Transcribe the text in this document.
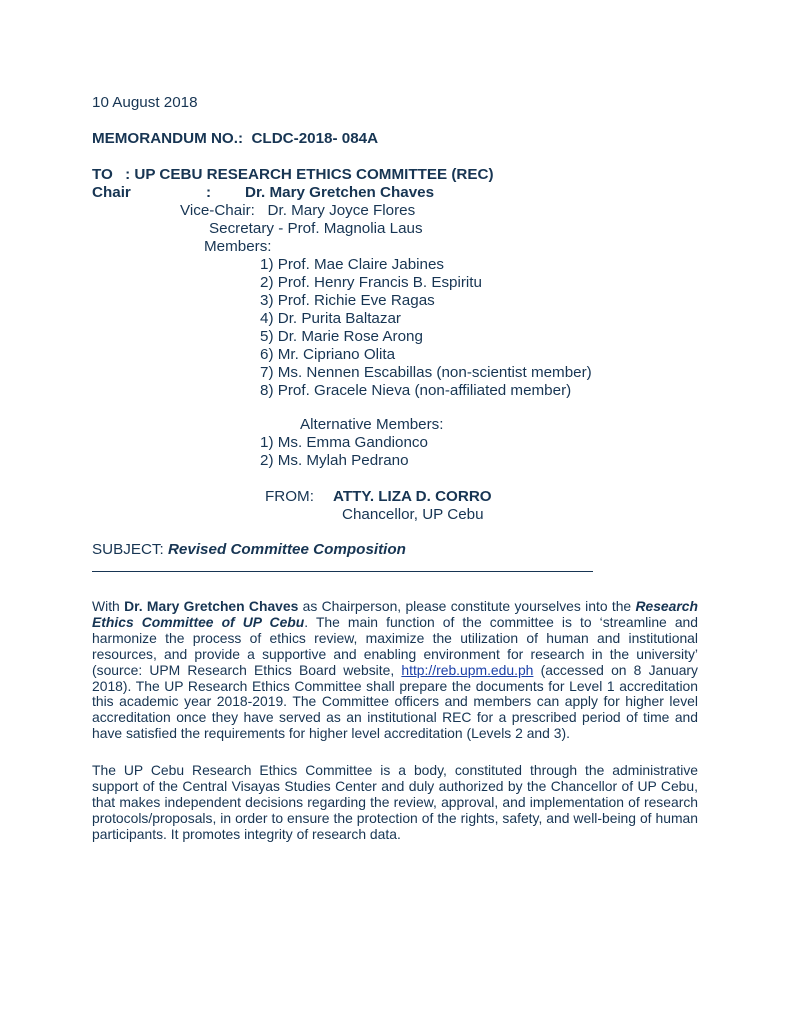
10 August 2018
MEMORANDUM NO.: CLDC-2018- 084A
TO : UP CEBU RESEARCH ETHICS COMMITTEE (REC)
Chair	: Dr. Mary Gretchen Chaves
Vice-Chair: Dr. Mary Joyce Flores
Secretary - Prof. Magnolia Laus
Members:
1) Prof. Mae Claire Jabines
2) Prof. Henry Francis B. Espiritu
3) Prof. Richie Eve Ragas
4) Dr. Purita Baltazar
5) Dr. Marie Rose Arong
6) Mr. Cipriano Olita
7) Ms. Nennen Escabillas (non-scientist member)
8) Prof. Gracele Nieva (non-affiliated member)
Alternative Members:
1) Ms. Emma Gandionco
2) Ms. Mylah Pedrano
FROM: ATTY. LIZA D. CORRO
Chancellor, UP Cebu
SUBJECT: Revised Committee Composition
With Dr. Mary Gretchen Chaves as Chairperson, please constitute yourselves into the Research Ethics Committee of UP Cebu. The main function of the committee is to ‘streamline and harmonize the process of ethics review, maximize the utilization of human and institutional resources, and provide a supportive and enabling environment for research in the university’ (source: UPM Research Ethics Board website, http://reb.upm.edu.ph (accessed on 8 January 2018). The UP Research Ethics Committee shall prepare the documents for Level 1 accreditation this academic year 2018-2019. The Committee officers and members can apply for higher level accreditation once they have served as an institutional REC for a prescribed period of time and have satisfied the requirements for higher level accreditation (Levels 2 and 3).
The UP Cebu Research Ethics Committee is a body, constituted through the administrative support of the Central Visayas Studies Center and duly authorized by the Chancellor of UP Cebu, that makes independent decisions regarding the review, approval, and implementation of research protocols/proposals, in order to ensure the protection of the rights, safety, and well-being of human participants. It promotes integrity of research data.
